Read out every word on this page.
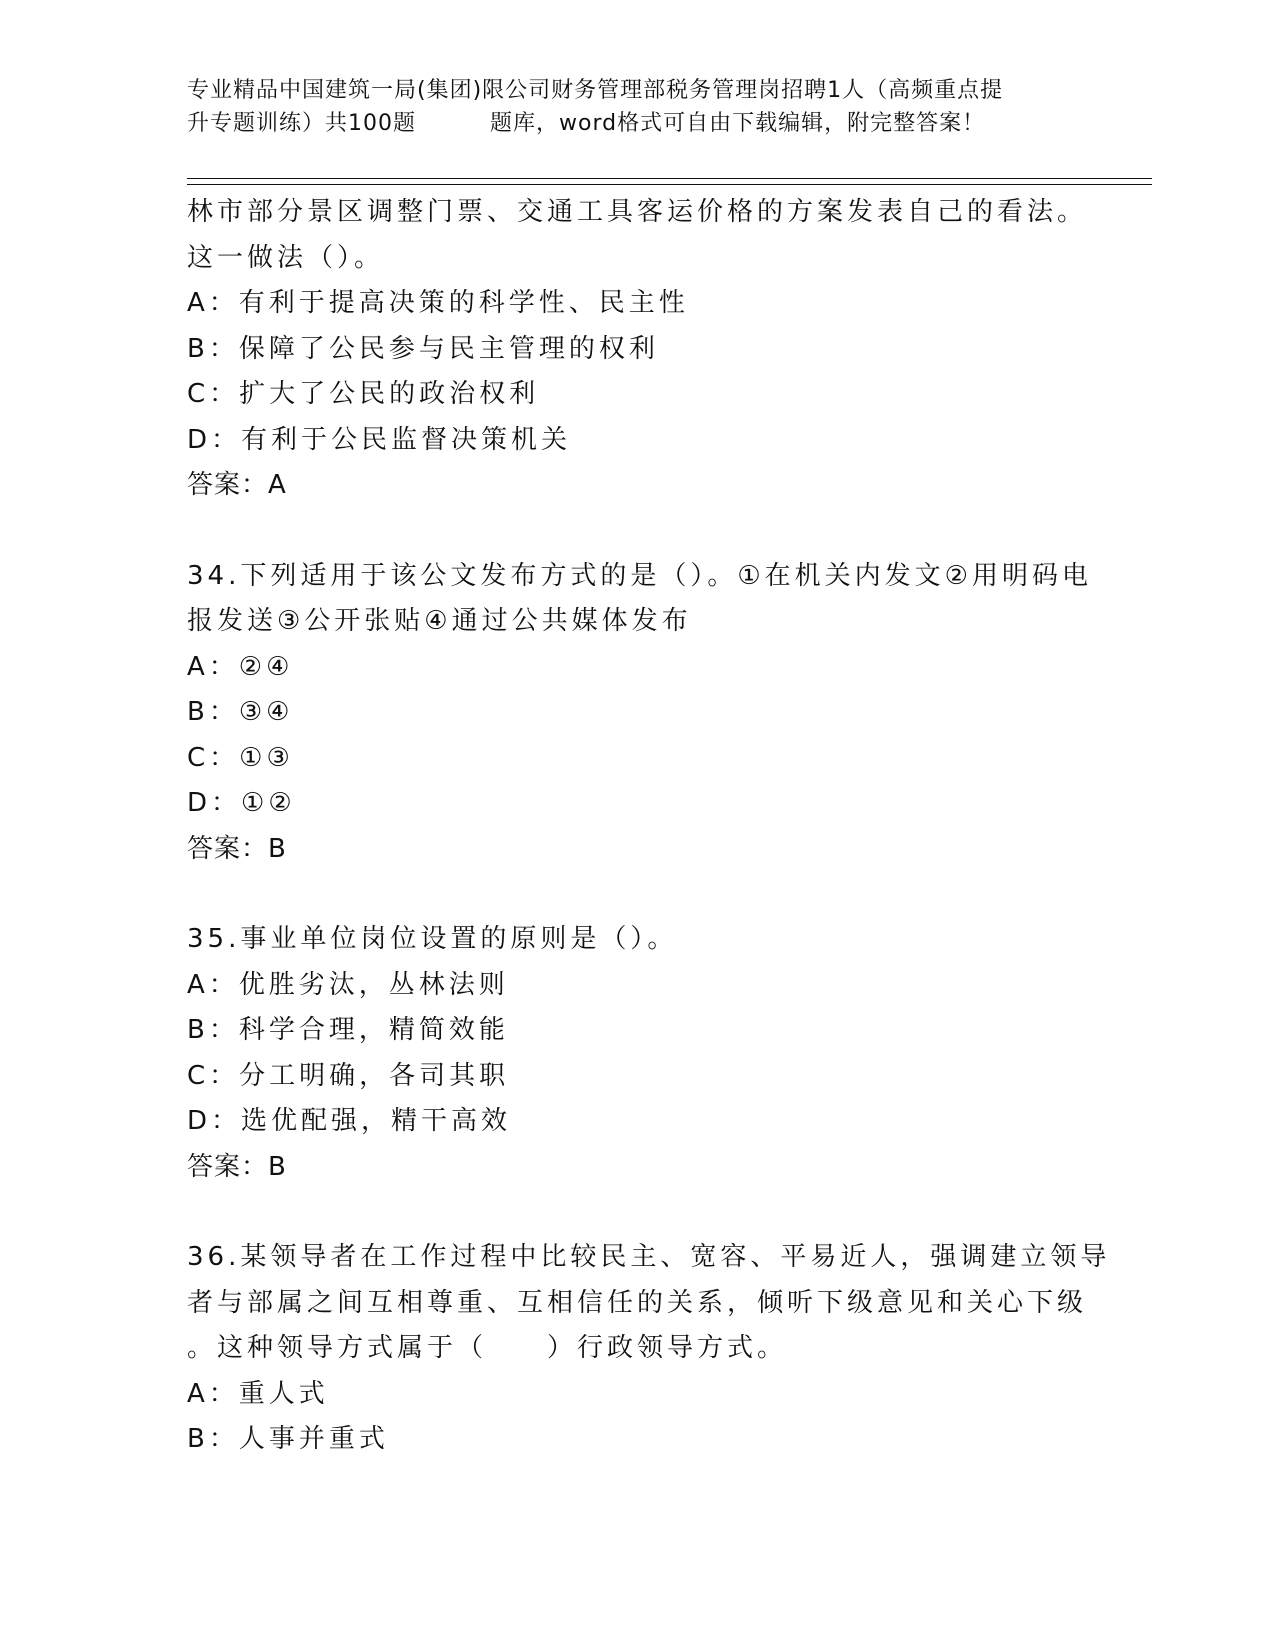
专业精品中国建筑一局(集团)限公司财务管理部税务管理岗招聘1人（高频重点提
升专题训练）共100题	题库，word格式可自由下载编辑，附完整答案！
林市部分景区调整门票、交通工具客运价格的方案发表自己的看法。
这一做法（）。
A：有利于提高决策的科学性、民主性
B：保障了公民参与民主管理的权利
C：扩大了公民的政治权利
D：有利于公民监督决策机关
答案：A
34.下列适用于该公文发布方式的是（）。①在机关内发文②用明码电
报发送③公开张贴④通过公共媒体发布
A：②④
B：③④
C：①③
D：①②
答案：B
35.事业单位岗位设置的原则是（）。
A：优胜劣汰，丛林法则
B：科学合理，精简效能
C：分工明确，各司其职
D：选优配强，精干高效
答案：B
36.某领导者在工作过程中比较民主、宽容、平易近人，强调建立领导
者与部属之间互相尊重、互相信任的关系，倾听下级意见和关心下级
。这种领导方式属于（　　）行政领导方式。
A：重人式
B：人事并重式
